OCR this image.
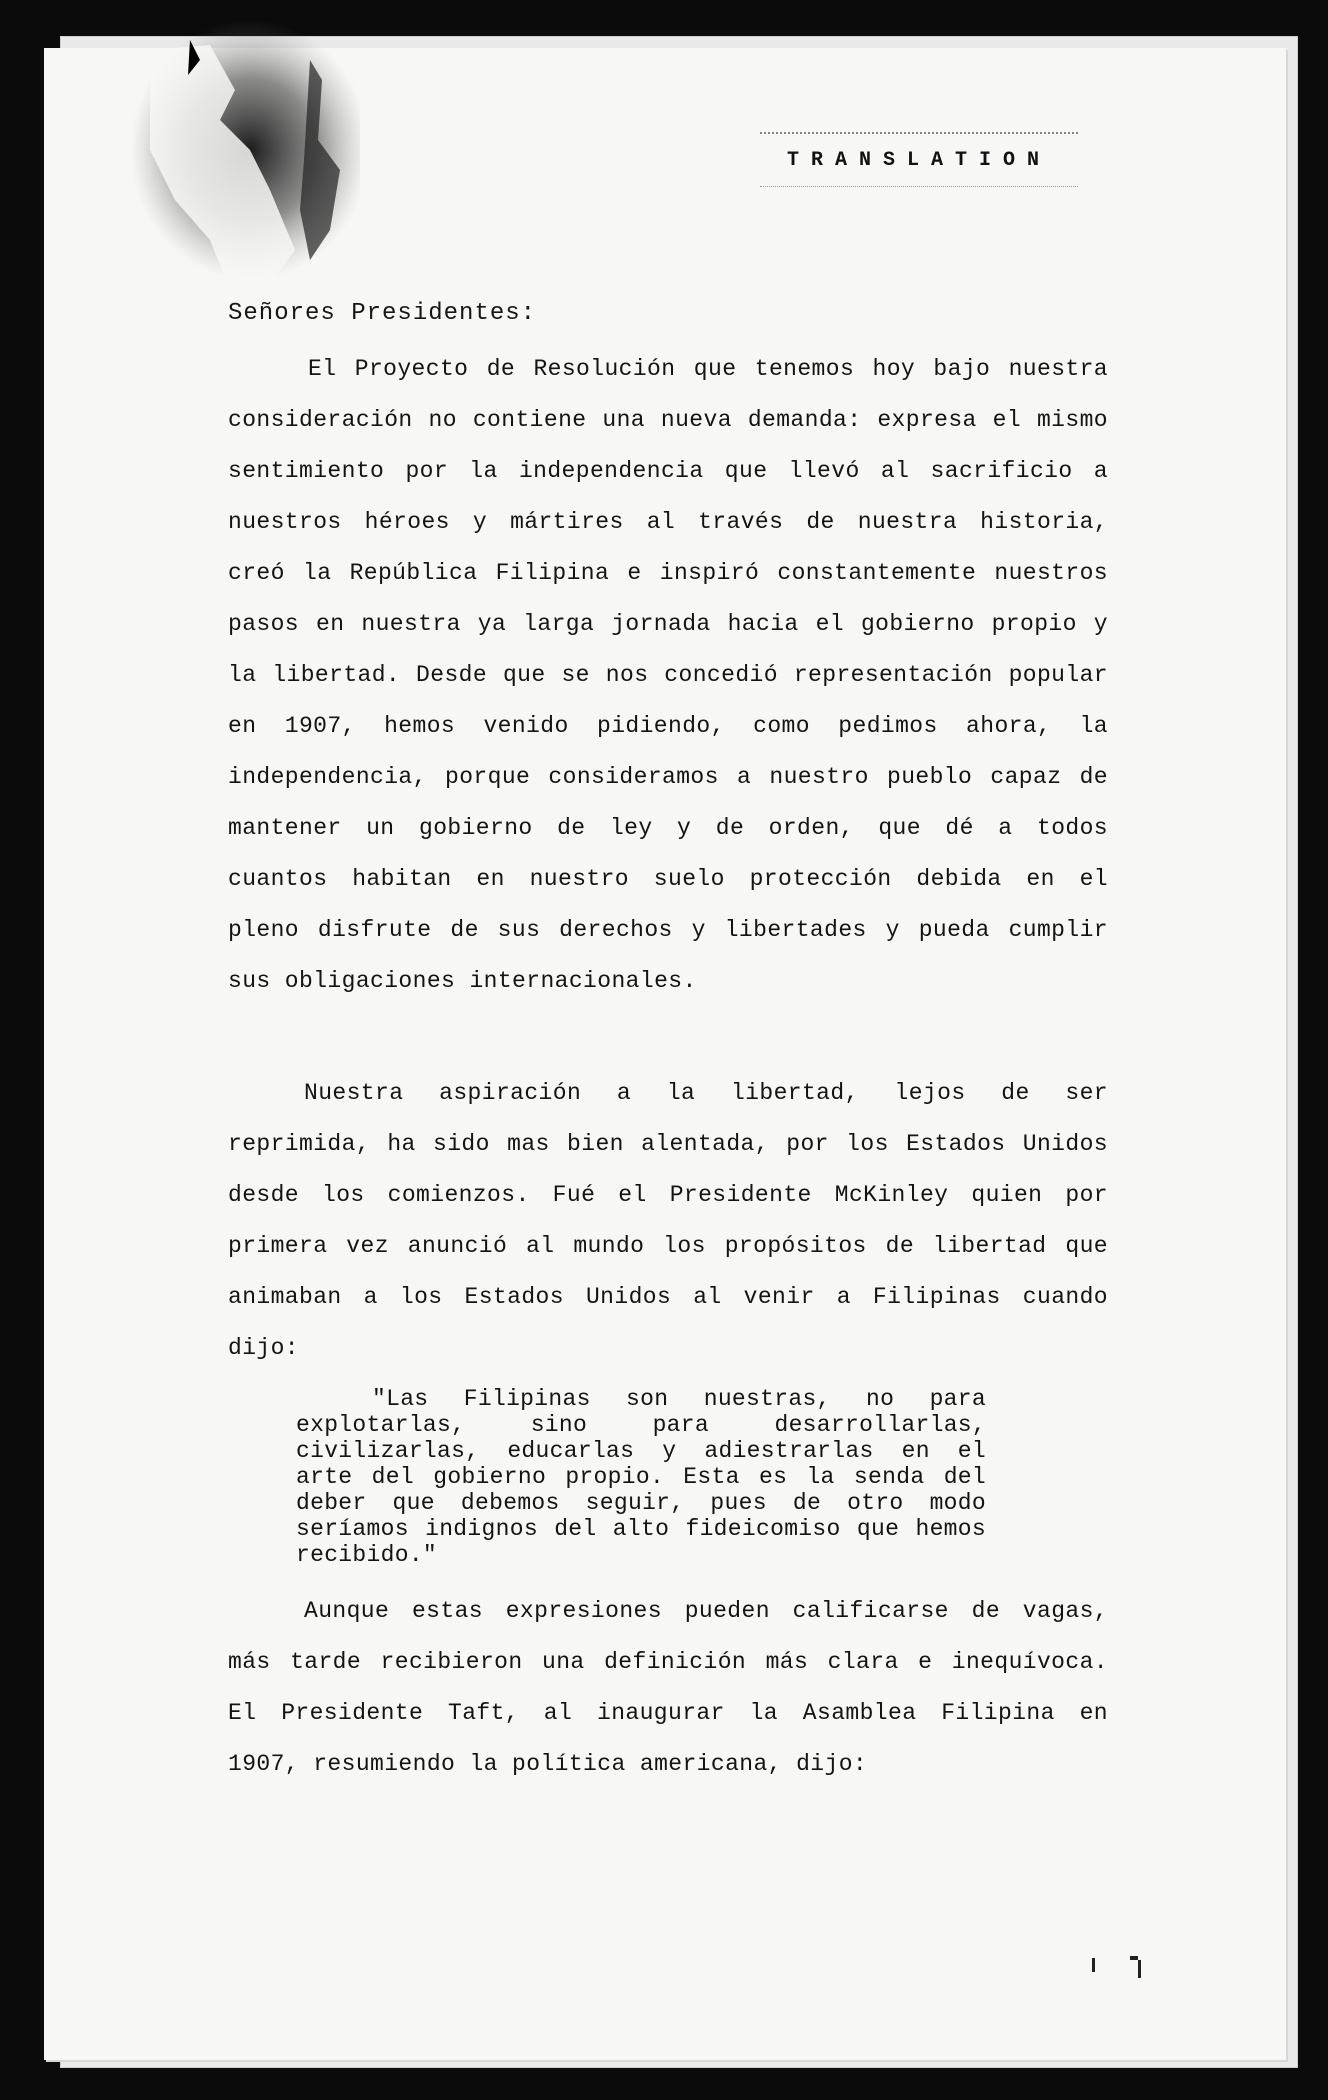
TRANSLATION
Señores Presidentes:
El Proyecto de Resolución que tenemos hoy bajo nuestra consideración no contiene una nueva demanda: expresa el mismo sentimiento por la independencia que llevó al sacrificio a nuestros héroes y mártires al través de nuestra historia, creó la República Filipina e inspiró constantemente nuestros pasos en nuestra ya larga jornada hacia el gobierno propio y la libertad. Desde que se nos concedió representación popular en 1907, hemos venido pidiendo, como pedimos ahora, la independencia, porque consideramos a nuestro pueblo capaz de mantener un gobierno de ley y de orden, que dé a todos cuantos habitan en nuestro suelo protección debida en el pleno disfrute de sus derechos y libertades y pueda cumplir sus obligaciones internacionales.
Nuestra aspiración a la libertad, lejos de ser reprimida, ha sido mas bien alentada, por los Estados Unidos desde los comienzos. Fué el Presidente McKinley quien por primera vez anunció al mundo los propósitos de libertad que animaban a los Estados Unidos al venir a Filipinas cuando dijo:
"Las Filipinas son nuestras, no para explotarlas, sino para desarrollarlas, civilizarlas, educarlas y adiestrarlas en el arte del gobierno propio. Esta es la senda del deber que debemos seguir, pues de otro modo seríamos indignos del alto fideicomiso que hemos recibido."
Aunque estas expresiones pueden calificarse de vagas, más tarde recibieron una definición más clara e inequívoca. El Presidente Taft, al inaugurar la Asamblea Filipina en 1907, resumiendo la política americana, dijo:
